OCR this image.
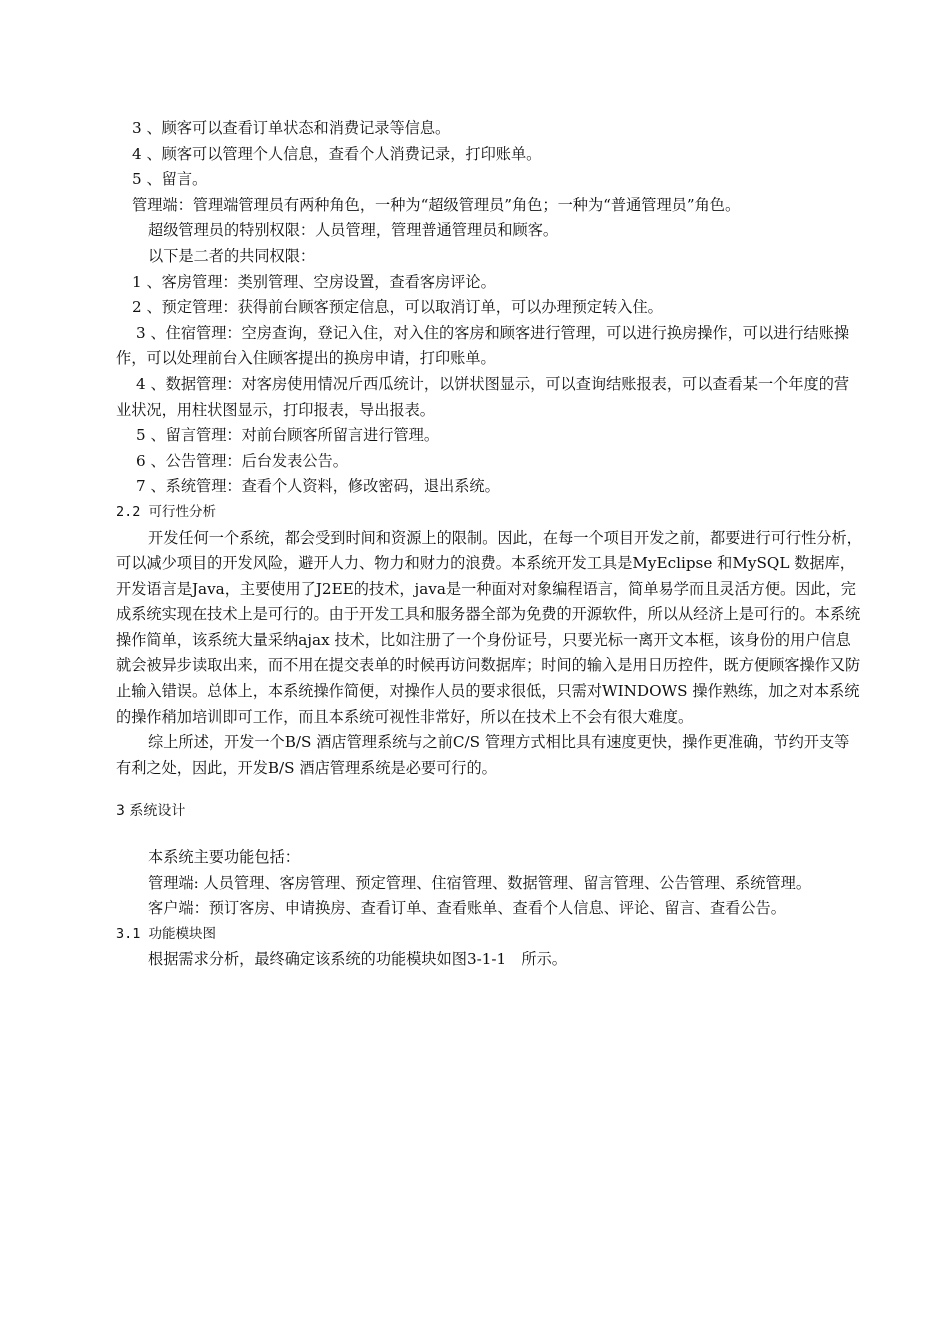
3 、顾客可以查看订单状态和消费记录等信息。

4 、顾客可以管理个人信息，查看个人消费记录，打印账单。

5 、留言。

管理端：管理端管理员有两种角色，一种为“超级管理员”角色；一种为“普通管理员”角色。

超级管理员的特别权限：人员管理，管理普通管理员和顾客。

以下是二者的共同权限：

1 、客房管理：类别管理、空房设置，查看客房评论。

2 、预定管理：获得前台顾客预定信息，可以取消订单，可以办理预定转入住。

3 、住宿管理：空房查询，登记入住，对入住的客房和顾客进行管理，可以进行换房操作，可以进行结账操作，可以处理前台入住顾客提出的换房申请，打印账单。

4 、数据管理：对客房使用情况斤西瓜统计，以饼状图显示，可以查询结账报表，可以查看某一个年度的营业状况，用柱状图显示，打印报表，导出报表。

5 、留言管理：对前台顾客所留言进行管理。

6 、公告管理：后台发表公告。

7 、系统管理：查看个人资料，修改密码，退出系统。

2.2 可行性分析

开发任何一个系统，都会受到时间和资源上的限制。因此，在每一个项目开发之前，都要进行可行性分析，可以减少项目的开发风险，避开人力、物力和财力的浪费。本系统开发工具是MyEclipse 和MySQL 数据库，开发语言是Java，主要使用了J2EE的技术，java是一种面对对象编程语言，简单易学而且灵活方便。因此，完成系统实现在技术上是可行的。由于开发工具和服务器全部为免费的开源软件，所以从经济上是可行的。本系统操作简单，该系统大量采纳ajax 技术，比如注册了一个身份证号，只要光标一离开文本框，该身份的用户信息就会被异步读取出来，而不用在提交表单的时候再访问数据库；时间的输入是用日历控件，既方便顾客操作又防止输入错误。总体上，本系统操作简便，对操作人员的要求很低，只需对WINDOWS 操作熟练，加之对本系统的操作稍加培训即可工作，而且本系统可视性非常好，所以在技术上不会有很大难度。

综上所述，开发一个B/S 酒店管理系统与之前C/S 管理方式相比具有速度更快，操作更准确，节约开支等有利之处，因此，开发B/S 酒店管理系统是必要可行的。

3 系统设计

本系统主要功能包括：

管理端: 人员管理、客房管理、预定管理、住宿管理、数据管理、留言管理、公告管理、系统管理。

客户端：预订客房、申请换房、查看订单、查看账单、查看个人信息、评论、留言、查看公告。

3.1 功能模块图

根据需求分析，最终确定该系统的功能模块如图3-1-1　所示。
